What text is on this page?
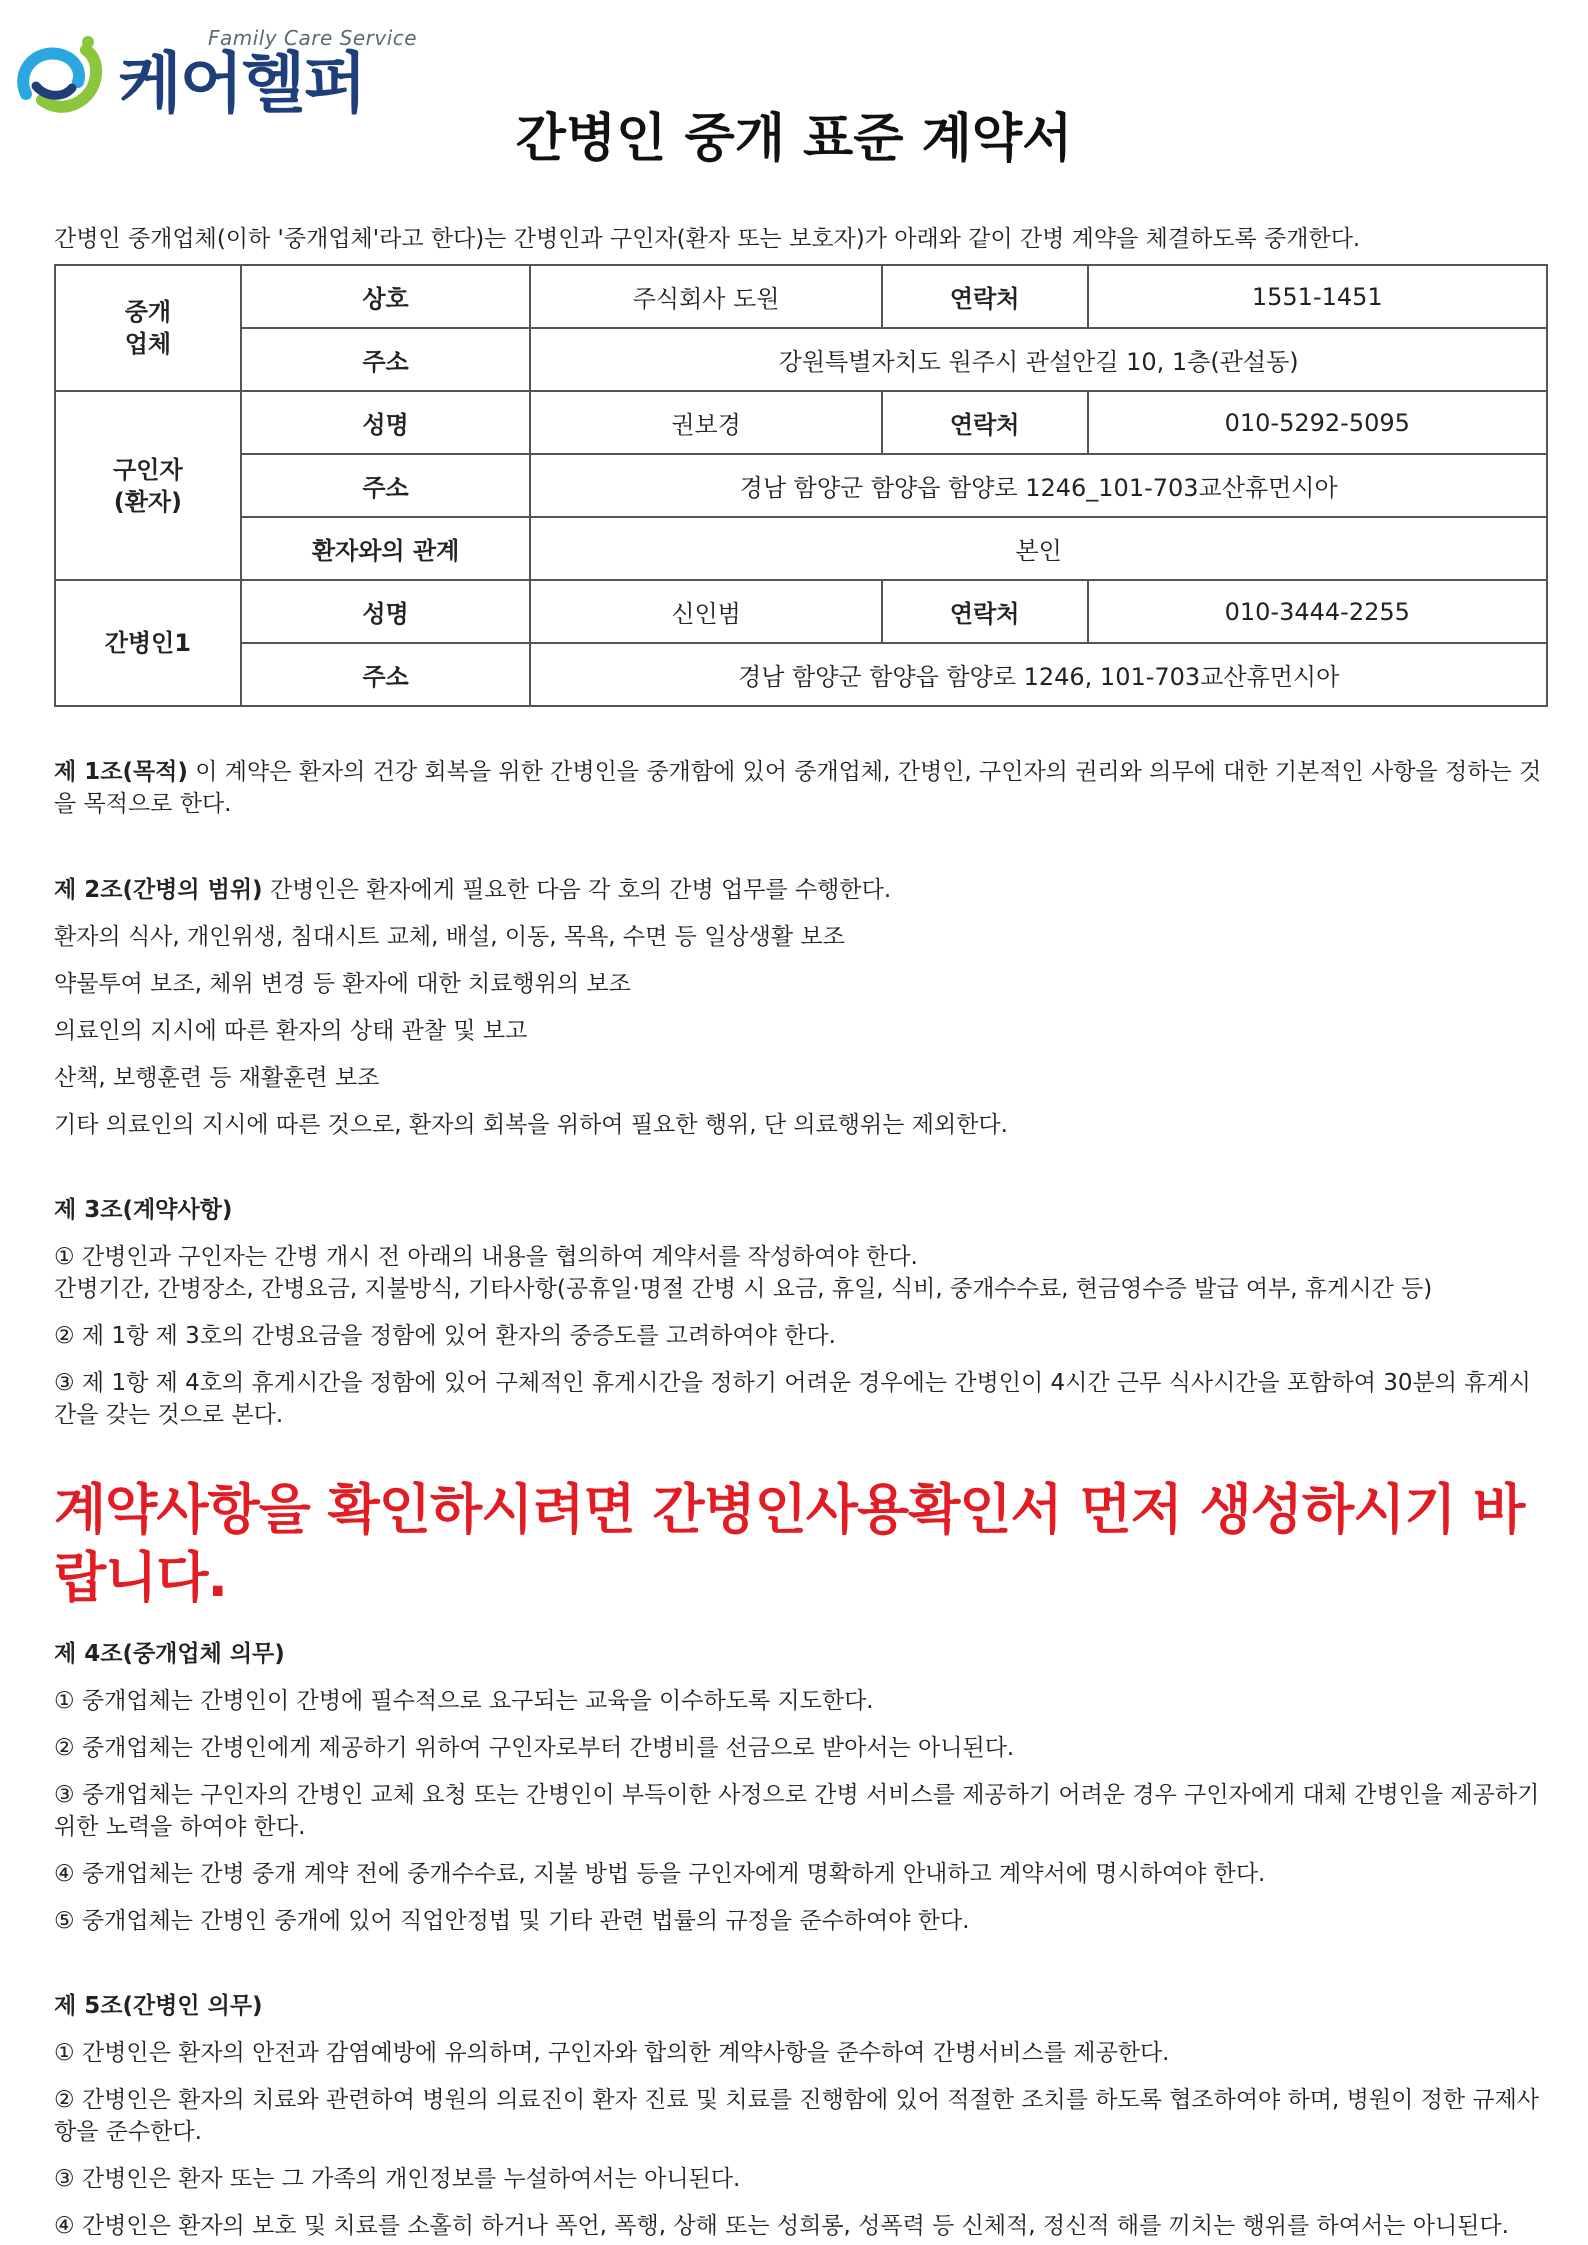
Family Care Service
케어헬퍼
간병인 중개 표준 계약서
간병인 중개업체(이하 '중개업체'라고 한다)는 간병인과 구인자(환자 또는 보호자)가 아래와 같이 간병 계약을 체결하도록 중개한다.
중개
업체	상호	주식회사 도원	연락처	1551-1451
	주소	강원특별자치도 원주시 관설안길 10, 1층(관설동)		
구인자
(환자)	성명	권보경	연락처	010-5292-5095
	주소	경남 함양군 함양읍 함양로 1246_101-703교산휴먼시아		
	환자와의 관계	본인		
간병인1	성명	신인범	연락처	010-3444-2255
	주소	경남 함양군 함양읍 함양로 1246, 101-703교산휴먼시아		
제 1조(목적) 이 계약은 환자의 건강 회복을 위한 간병인을 중개함에 있어 중개업체, 간병인, 구인자의 권리와 의무에 대한 기본적인 사항을 정하는 것을 목적으로 한다.
제 2조(간병의 범위) 간병인은 환자에게 필요한 다음 각 호의 간병 업무를 수행한다.
환자의 식사, 개인위생, 침대시트 교체, 배설, 이동, 목욕, 수면 등 일상생활 보조
약물투여 보조, 체위 변경 등 환자에 대한 치료행위의 보조
의료인의 지시에 따른 환자의 상태 관찰 및 보고
산책, 보행훈련 등 재활훈련 보조
기타 의료인의 지시에 따른 것으로, 환자의 회복을 위하여 필요한 행위, 단 의료행위는 제외한다.
제 3조(계약사항)
① 간병인과 구인자는 간병 개시 전 아래의 내용을 협의하여 계약서를 작성하여야 한다.
간병기간, 간병장소, 간병요금, 지불방식, 기타사항(공휴일·명절 간병 시 요금, 휴일, 식비, 중개수수료, 현금영수증 발급 여부, 휴게시간 등)
② 제 1항 제 3호의 간병요금을 정함에 있어 환자의 중증도를 고려하여야 한다.
③ 제 1항 제 4호의 휴게시간을 정함에 있어 구체적인 휴게시간을 정하기 어려운 경우에는 간병인이 4시간 근무 식사시간을 포함하여 30분의 휴게시간을 갖는 것으로 본다.
계약사항을 확인하시려면 간병인사용확인서 먼저 생성하시기 바랍니다.
제 4조(중개업체 의무)
① 중개업체는 간병인이 간병에 필수적으로 요구되는 교육을 이수하도록 지도한다.
② 중개업체는 간병인에게 제공하기 위하여 구인자로부터 간병비를 선금으로 받아서는 아니된다.
③ 중개업체는 구인자의 간병인 교체 요청 또는 간병인이 부득이한 사정으로 간병 서비스를 제공하기 어려운 경우 구인자에게 대체 간병인을 제공하기 위한 노력을 하여야 한다.
④ 중개업체는 간병 중개 계약 전에 중개수수료, 지불 방법 등을 구인자에게 명확하게 안내하고 계약서에 명시하여야 한다.
⑤ 중개업체는 간병인 중개에 있어 직업안정법 및 기타 관련 법률의 규정을 준수하여야 한다.
제 5조(간병인 의무)
① 간병인은 환자의 안전과 감염예방에 유의하며, 구인자와 합의한 계약사항을 준수하여 간병서비스를 제공한다.
② 간병인은 환자의 치료와 관련하여 병원의 의료진이 환자 진료 및 치료를 진행함에 있어 적절한 조치를 하도록 협조하여야 하며, 병원이 정한 규제사항을 준수한다.
③ 간병인은 환자 또는 그 가족의 개인정보를 누설하여서는 아니된다.
④ 간병인은 환자의 보호 및 치료를 소홀히 하거나 폭언, 폭행, 상해 또는 성희롱, 성폭력 등 신체적, 정신적 해를 끼치는 행위를 하여서는 아니된다.
